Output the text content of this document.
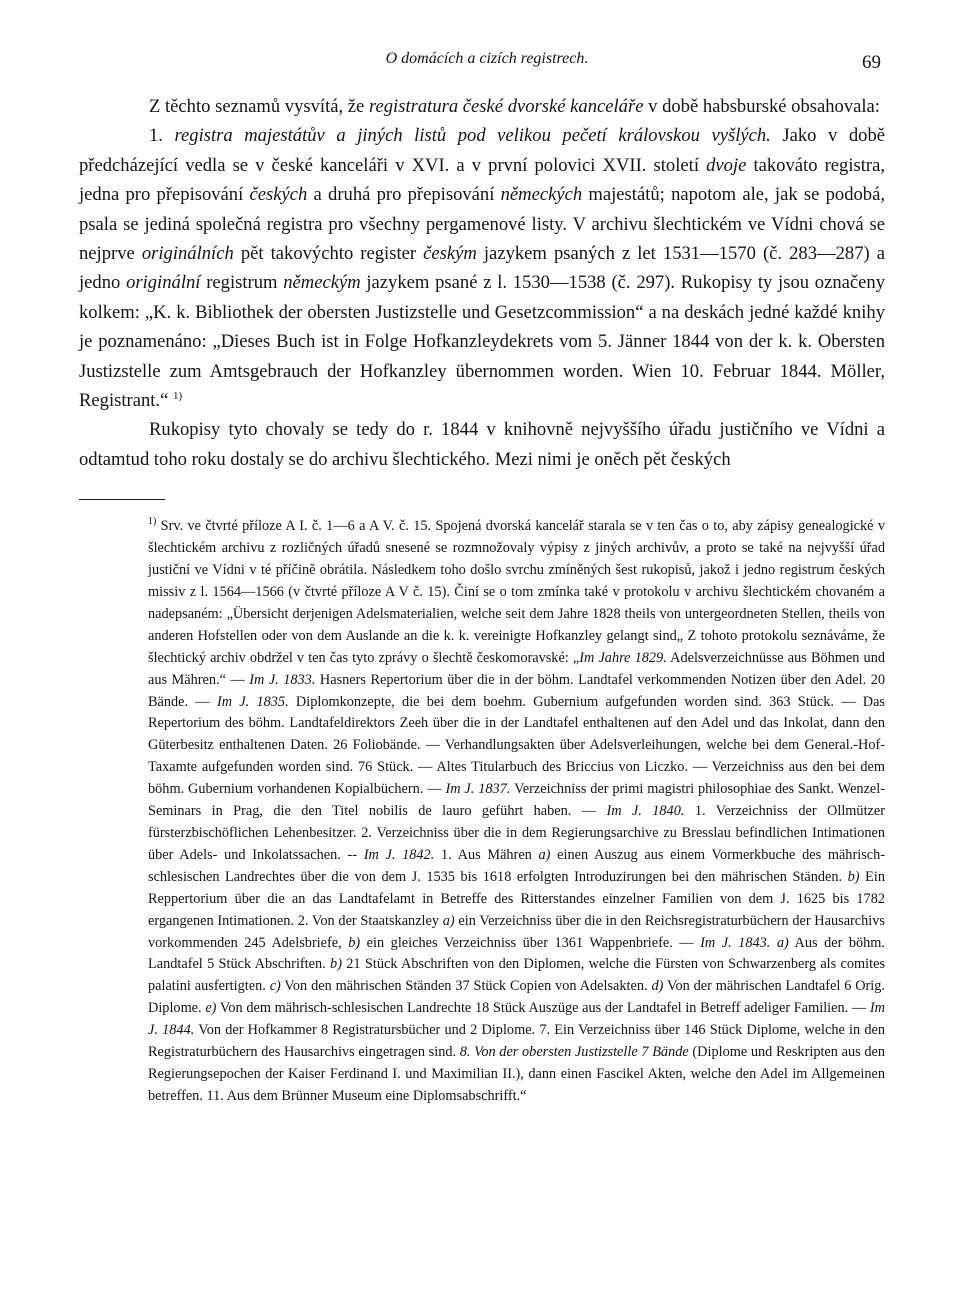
O domácích a cizích registrech.	69

Z těchto seznamů vysvítá, že registratura české dvorské kanceláře v době habsburské obsahovala:

1. registra majestátův a jiných listů pod velikou pečetí královskou vyšlých. Jako v době předcházející vedla se v české kanceláři v XVI. a v první polovici XVII. století dvoje takováto registra, jedna pro přepisování českých a druhá pro přepisování německých majestátů; napotom ale, jak se podobá, psala se jediná společná registra pro všechny pergamenové listy. V archivu šlechtickém ve Vídni chová se nejprve originálních pět takovýchto register českým jazykem psaných z let 1531—1570 (č. 283—287) a jedno originální registrum německým jazykem psané z l. 1530—1538 (č. 297). Rukopisy ty jsou označeny kolkem: „K. k. Bibliothek der obersten Justizstelle und Gesetzcommission“ a na deskách jedné každé knihy je poznamenáno: „Dieses Buch ist in Folge Hofkanzleydekrets vom 5. Jänner 1844 von der k. k. Obersten Justizstelle zum Amtsgebrauch der Hofkanzley übernommen worden. Wien 10. Februar 1844. Möller, Registrant.“ $^{1)}$

Rukopisy tyto chovaly se tedy do r. 1844 v knihovně nejvyššího úřadu justičního ve Vídni a odtamtud toho roku dostaly se do archivu šlechtického. Mezi nimi je oněch pět českých

$^{1)}$ Srv. ve čtvrté příloze A I. č. 1—6 a A V. č. 15. Spojená dvorská kancelář starala se v ten čas o to, aby zápisy genealogické v šlechtickém archivu z rozličných úřadů snesené se rozmnožovaly výpisy z jiných archivův, a proto se také na nejvyšší úřad justiční ve Vídni v té příčině obrátila. Následkem toho došlo svrchu zmíněných šest rukopisů, jakož i jedno registrum českých missiv z l. 1564—1566 (v čtvrté příloze A V č. 15). Činí se o tom zmínka také v protokolu v archivu šlechtickém chovaném a nadepsaném: „Übersicht derjenigen Adelsmaterialien, welche seit dem Jahre 1828 theils von untergeordneten Stellen, theils von anderen Hofstellen oder von dem Auslande an die k. k. vereinigte Hofkanzley gelangt sind„ Z tohoto protokolu seznáváme, že šlechtický archiv obdržel v ten čas tyto zprávy o šlechtě českomoravské: „Im Jahre 1829. Adelsverzeichnüsse aus Böhmen und aus Mähren.“ — Im J. 1833. Hasners Repertorium über die in der böhm. Landtafel verkommenden Notizen über den Adel. 20 Bände. — Im J. 1835. Diplomkonzepte, die bei dem boehm. Gubernium aufgefunden worden sind. 363 Stück. — Das Repertorium des böhm. Landtafeldirektors Zeeh über die in der Landtafel enthaltenen auf den Adel und das Inkolat, dann den Güterbesitz enthaltenen Daten. 26 Foliobände. — Verhandlungsakten über Adelsverleihungen, welche bei dem General.-Hof-Taxamte aufgefunden worden sind. 76 Stück. — Altes Titularbuch des Briccius von Liczko. — Verzeichniss aus den bei dem böhm. Gubernium vorhandenen Kopialbüchern. — Im J. 1837. Verzeichniss der primi magistri philosophiae des Sankt. Wenzel-Seminars in Prag, die den Titel nobilis de lauro geführt haben. — Im J. 1840. 1. Verzeichniss der Ollmützer fürsterzbischöflichen Lehenbesitzer. 2. Verzeichniss über die in dem Regierungsarchive zu Bresslau befindlichen Intimationen über Adels- und Inkolatssachen. -- Im J. 1842. 1. Aus Mähren a) einen Auszug aus einem Vormerkbuche des mährisch-schlesischen Landrechtes über die von dem J. 1535 bis 1618 erfolgten Introduzirungen bei den mährischen Ständen. b) Ein Reppertorium über die an das Landtafelamt in Betreffe des Ritterstandes einzelner Familien von dem J. 1625 bis 1782 ergangenen Intimationen. 2. Von der Staatskanzley a) ein Verzeichniss über die in den Reichsregistraturbüchern der Hausarchivs vorkommenden 245 Adelsbriefe, b) ein gleiches Verzeichniss über 1361 Wappenbriefe. — Im J. 1843. a) Aus der böhm. Landtafel 5 Stück Abschriften. b) 21 Stück Abschriften von den Diplomen, welche die Fürsten von Schwarzenberg als comites palatini ausfertigten. c) Von den mährischen Ständen 37 Stück Copien von Adelsakten. d) Von der mährischen Landtafel 6 Orig. Diplome. e) Von dem mährisch-schlesischen Landrechte 18 Stück Auszüge aus der Landtafel in Betreff adeliger Familien. — Im J. 1844. Von der Hofkammer 8 Registratursbücher und 2 Diplome. 7. Ein Verzeichniss über 146 Stück Diplome, welche in den Registraturbüchern des Hausarchivs eingetragen sind. 8. Von der obersten Justizstelle 7 Bände (Diplome und Reskripten aus den Regierungsepochen der Kaiser Ferdinand I. und Maximilian II.), dann einen Fascikel Akten, welche den Adel im Allgemeinen betreffen. 11. Aus dem Brünner Museum eine Diplomsabschrifft.“
